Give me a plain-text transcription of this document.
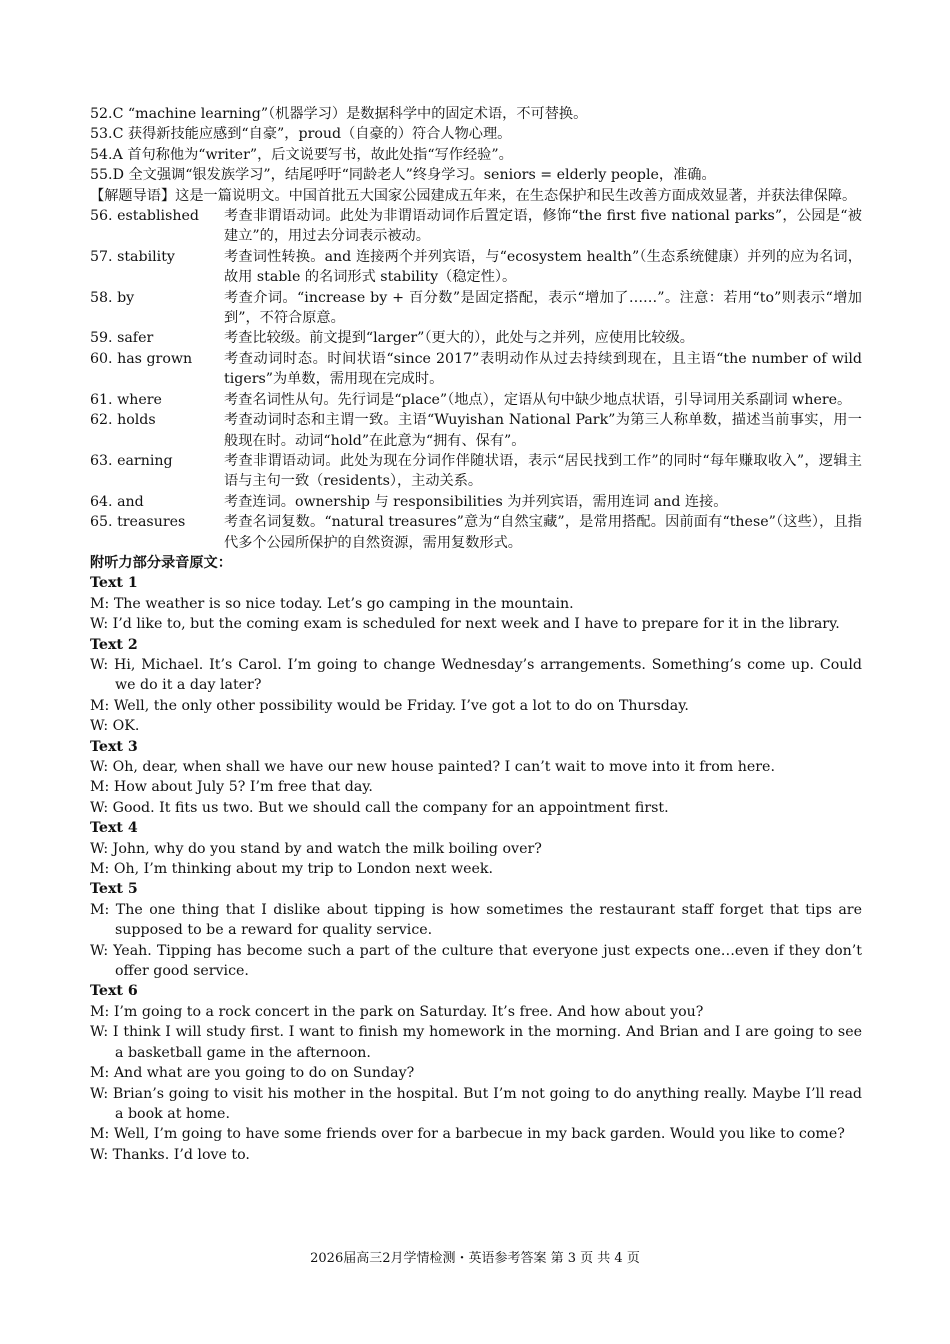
52.C “machine learning”（机器学习）是数据科学中的固定术语，不可替换。
53.C 获得新技能应感到“自豪”，proud（自豪的）符合人物心理。
54.A 首句称他为“writer”，后文说要写书，故此处指“写作经验”。
55.D 全文强调“银发族学习”，结尾呼吁“同龄老人”终身学习。seniors = elderly people，准确。
【解题导语】这是一篇说明文。中国首批五大国家公园建成五年来，在生态保护和民生改善方面成效显著，并获法律保障。
56. established	考查非谓语动词。此处为非谓语动词作后置定语，修饰“the first five national parks”，公园是“被建立”的，用过去分词表示被动。
57. stability	考查词性转换。and 连接两个并列宾语，与“ecosystem health”（生态系统健康）并列的应为名词，故用 stable 的名词形式 stability（稳定性）。
58. by	考查介词。“increase by + 百分数”是固定搭配，表示“增加了……”。注意：若用“to”则表示“增加到”，不符合原意。
59. safer	考查比较级。前文提到“larger”（更大的），此处与之并列，应使用比较级。
60. has grown	考查动词时态。时间状语“since 2017”表明动作从过去持续到现在，且主语“the number of wild tigers”为单数，需用现在完成时。
61. where	考查名词性从句。先行词是“place”（地点），定语从句中缺少地点状语，引导词用关系副词 where。
62. holds	考查动词时态和主谓一致。主语“Wuyishan National Park”为第三人称单数，描述当前事实，用一般现在时。动词“hold”在此意为“拥有、保有”。
63. earning	考查非谓语动词。此处为现在分词作伴随状语，表示“居民找到工作”的同时“每年赚取收入”，逻辑主语与主句一致（residents），主动关系。
64. and	考查连词。ownership 与 responsibilities 为并列宾语，需用连词 and 连接。
65. treasures	考查名词复数。“natural treasures”意为“自然宝藏”，是常用搭配。因前面有“these”（这些），且指代多个公园所保护的自然资源，需用复数形式。
附听力部分录音原文：
Text 1
M: The weather is so nice today. Let’s go camping in the mountain.
W: I’d like to, but the coming exam is scheduled for next week and I have to prepare for it in the library.
Text 2
W: Hi, Michael. It’s Carol. I’m going to change Wednesday’s arrangements. Something’s come up. Could we do it a day later?
M: Well, the only other possibility would be Friday. I’ve got a lot to do on Thursday.
W: OK.
Text 3
W: Oh, dear, when shall we have our new house painted? I can’t wait to move into it from here.
M: How about July 5? I’m free that day.
W: Good. It fits us two. But we should call the company for an appointment first.
Text 4
W: John, why do you stand by and watch the milk boiling over?
M: Oh, I’m thinking about my trip to London next week.
Text 5
M: The one thing that I dislike about tipping is how sometimes the restaurant staff forget that tips are supposed to be a reward for quality service.
W: Yeah. Tipping has become such a part of the culture that everyone just expects one…even if they don’t offer good service.
Text 6
M: I’m going to a rock concert in the park on Saturday. It’s free. And how about you?
W: I think I will study first. I want to finish my homework in the morning. And Brian and I are going to see a basketball game in the afternoon.
M: And what are you going to do on Sunday?
W: Brian’s going to visit his mother in the hospital. But I’m not going to do anything really. Maybe I’ll read a book at home.
M: Well, I’m going to have some friends over for a barbecue in my back garden. Would you like to come?
W: Thanks. I’d love to.
2026届高三2月学情检测・英语参考答案 第 3 页 共 4 页
